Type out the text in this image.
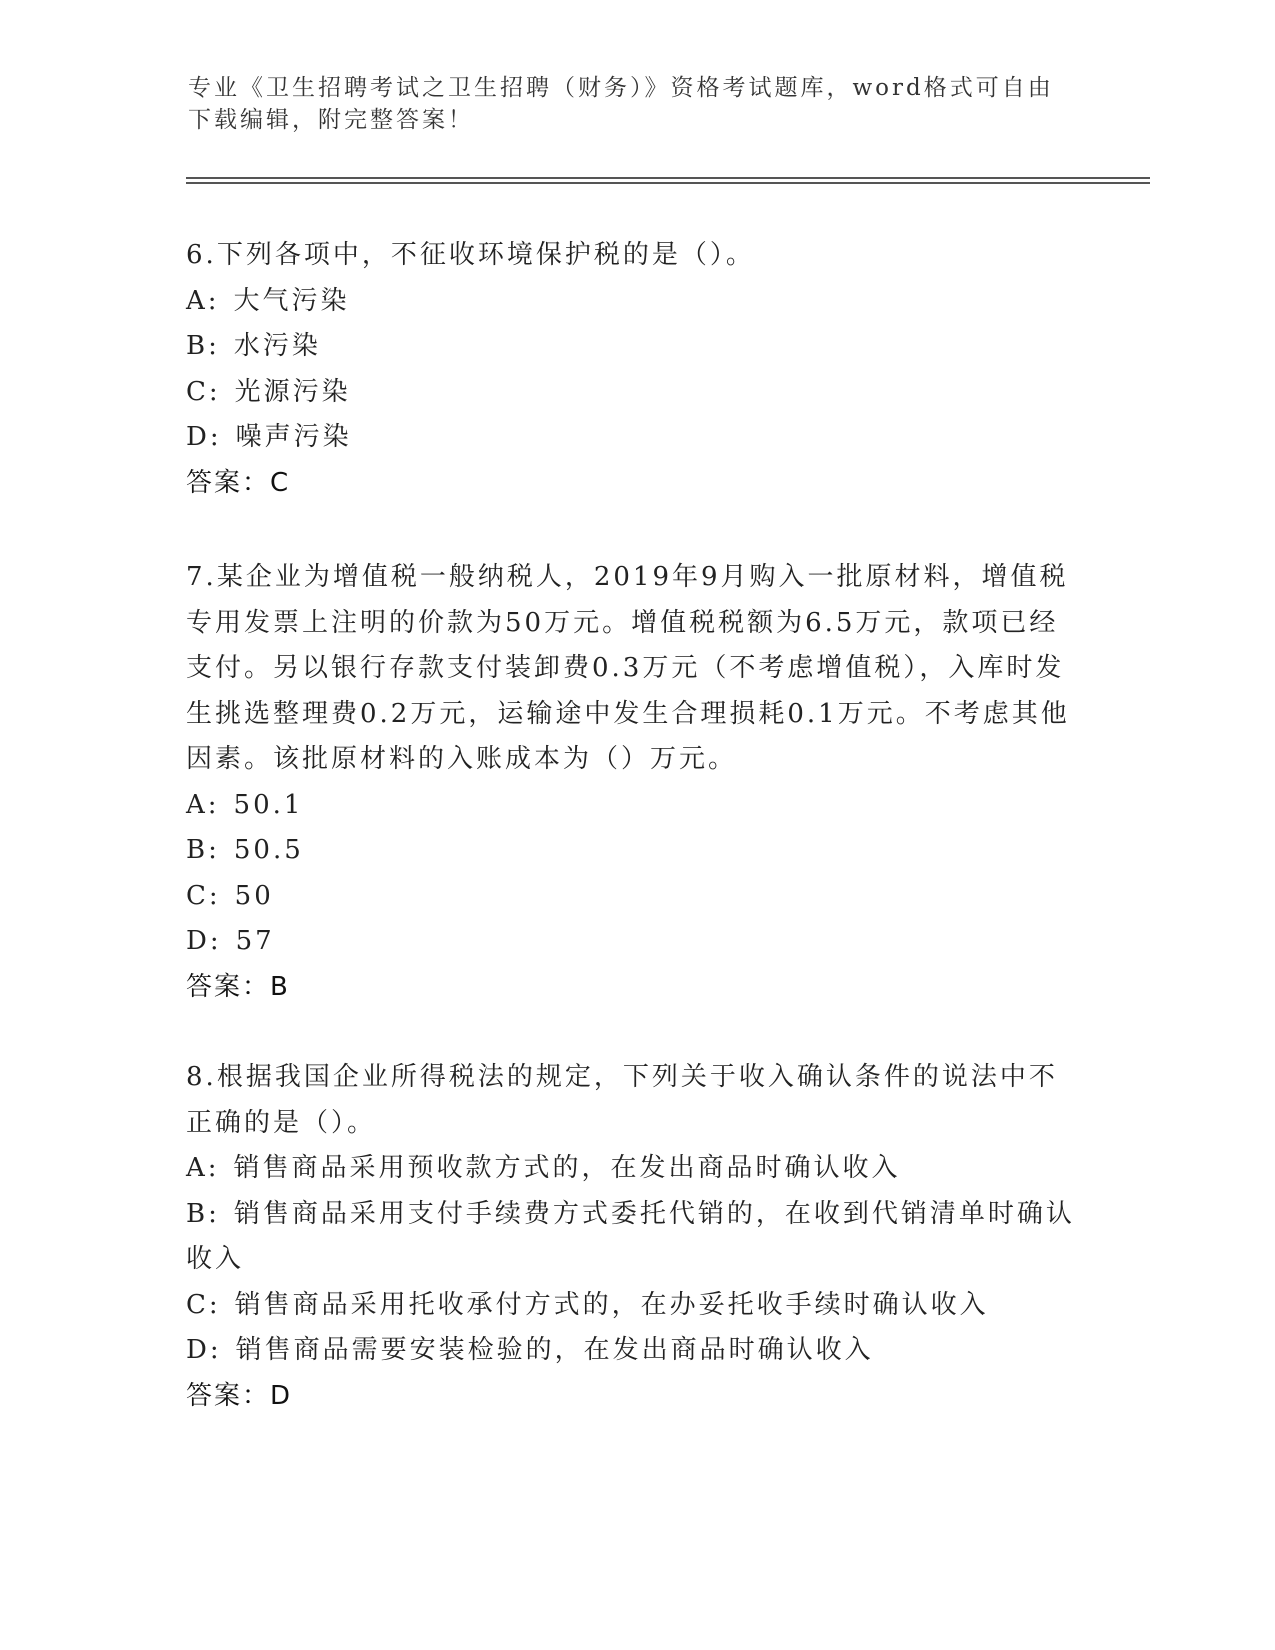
专业《卫生招聘考试之卫生招聘（财务）》资格考试题库，word格式可自由下载编辑，附完整答案！

6.下列各项中，不征收环境保护税的是（）。

A: 大气污染
B: 水污染
C: 光源污染
D: 噪声污染
答案：C

7.某企业为增值税一般纳税人，2019年9月购入一批原材料，增值税专用发票上注明的价款为50万元。增值税税额为6.5万元，款项已经支付。另以银行存款支付装卸费0.3万元（不考虑增值税），入库时发生挑选整理费0.2万元，运输途中发生合理损耗0.1万元。不考虑其他因素。该批原材料的入账成本为（）万元。

A: 50.1
B: 50.5
C: 50
D: 57
答案：B

8.根据我国企业所得税法的规定，下列关于收入确认条件的说法中不正确的是（）。

A: 销售商品采用预收款方式的，在发出商品时确认收入
B: 销售商品采用支付手续费方式委托代销的，在收到代销清单时确认收入
C: 销售商品采用托收承付方式的，在办妥托收手续时确认收入
D: 销售商品需要安装检验的，在发出商品时确认收入
答案：D
